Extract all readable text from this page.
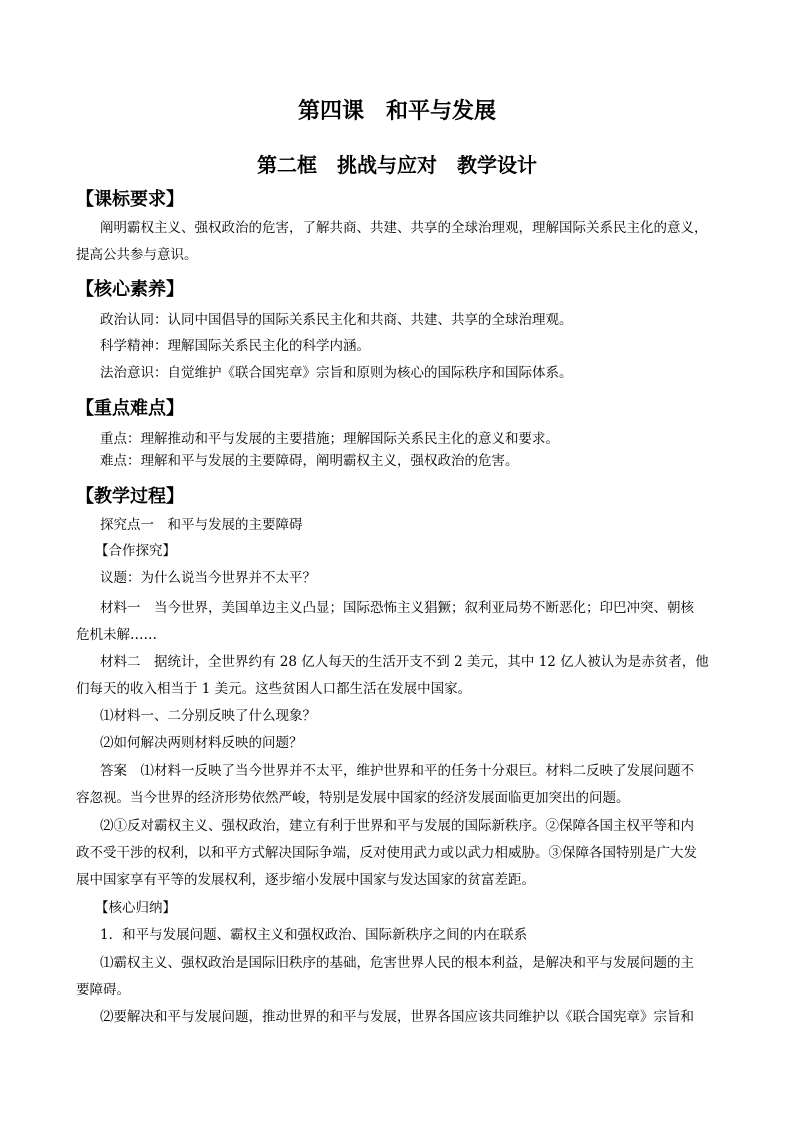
第四课　和平与发展
第二框　挑战与应对　教学设计
【课标要求】
阐明霸权主义、强权政治的危害，了解共商、共建、共享的全球治理观，理解国际关系民主化的意义，
提高公共参与意识。
【核心素养】
政治认同：认同中国倡导的国际关系民主化和共商、共建、共享的全球治理观。
科学精神：理解国际关系民主化的科学内涵。
法治意识：自觉维护《联合国宪章》宗旨和原则为核心的国际秩序和国际体系。
【重点难点】
重点：理解推动和平与发展的主要措施；理解国际关系民主化的意义和要求。
难点：理解和平与发展的主要障碍，阐明霸权主义，强权政治的危害。
【教学过程】
探究点一　和平与发展的主要障碍
【合作探究】
议题：为什么说当今世界并不太平？
材料一　当今世界，美国单边主义凸显；国际恐怖主义猖獗；叙利亚局势不断恶化；印巴冲突、朝核
危机未解……
材料二　据统计，全世界约有 28 亿人每天的生活开支不到 2 美元，其中 12 亿人被认为是赤贫者，他
们每天的收入相当于 1 美元。这些贫困人口都生活在发展中国家。
⑴材料一、二分别反映了什么现象？
⑵如何解决两则材料反映的问题？
答案　⑴材料一反映了当今世界并不太平，维护世界和平的任务十分艰巨。材料二反映了发展问题不
容忽视。当今世界的经济形势依然严峻，特别是发展中国家的经济发展面临更加突出的问题。
⑵①反对霸权主义、强权政治，建立有利于世界和平与发展的国际新秩序。②保障各国主权平等和内
政不受干涉的权利，以和平方式解决国际争端，反对使用武力或以武力相威胁。③保障各国特别是广大发
展中国家享有平等的发展权利，逐步缩小发展中国家与发达国家的贫富差距。
【核心归纳】
1．和平与发展问题、霸权主义和强权政治、国际新秩序之间的内在联系
⑴霸权主义、强权政治是国际旧秩序的基础，危害世界人民的根本利益，是解决和平与发展问题的主
要障碍。
⑵要解决和平与发展问题，推动世界的和平与发展，世界各国应该共同维护以《联合国宪章》宗旨和
